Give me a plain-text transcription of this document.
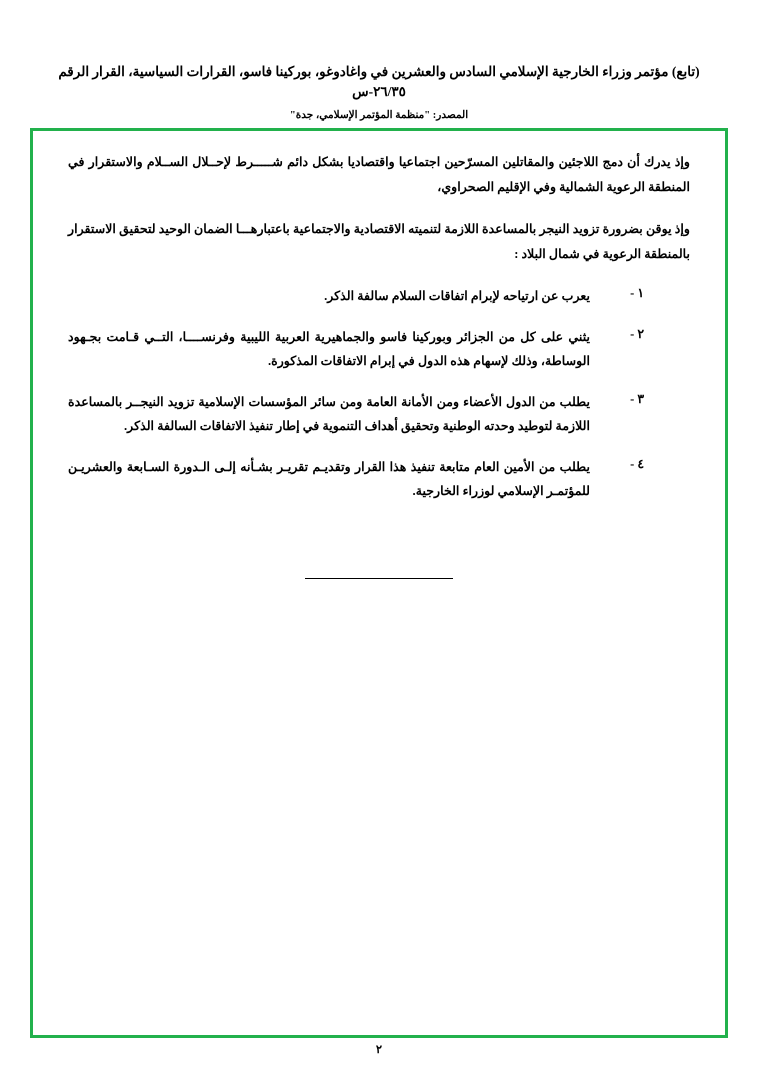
(تابع) مؤتمر وزراء الخارجية الإسلامي السادس والعشرين في واغادوغو، بوركينا فاسو، القرارات السياسية، القرار الرقم ٢٦/٣٥-س
المصدر: "منظمة المؤتمر الإسلامي، جدة"

وإذ يدرك أن دمج اللاجئين والمقاتلين المسرّحين اجتماعيا واقتصاديا بشكل دائم شـــــرط لإحــلال الســلام والاستقرار في المنطقة الرعوية الشمالية وفي الإقليم الصحراوي،

وإذ يوقن بضرورة تزويد النيجر بالمساعدة اللازمة لتنميته الاقتصادية والاجتماعية باعتبارهـــا الضمان الوحيد لتحقيق الاستقرار بالمنطقة الرعوية في شمال البلاد :

١ -
يعرب عن ارتياحه لإبرام اتفاقات السلام سالفة الذكر.
٢ -
يثني على كل من الجزائر وبوركينا فاسو والجماهيرية العربية الليبية وفرنســــا، التــي قـامت بجـهود الوساطة، وذلك لإسهام هذه الدول في إبرام الاتفاقات المذكورة.
٣ -
يطلب من الدول الأعضاء ومن الأمانة العامة ومن سائر المؤسسات الإسلامية تزويد النيجــر بالمساعدة اللازمة لتوطيد وحدته الوطنية وتحقيق أهداف التنموية في إطار تنفيذ الاتفاقات السالفة الذكر.
٤ -
يطلب من الأمين العام متابعة تنفيذ هذا القرار وتقديـم تقريـر بشـأنه إلـى الـدورة السـابعة والعشريـن للمؤتمـر الإسلامي لوزراء الخارجية.
٢
